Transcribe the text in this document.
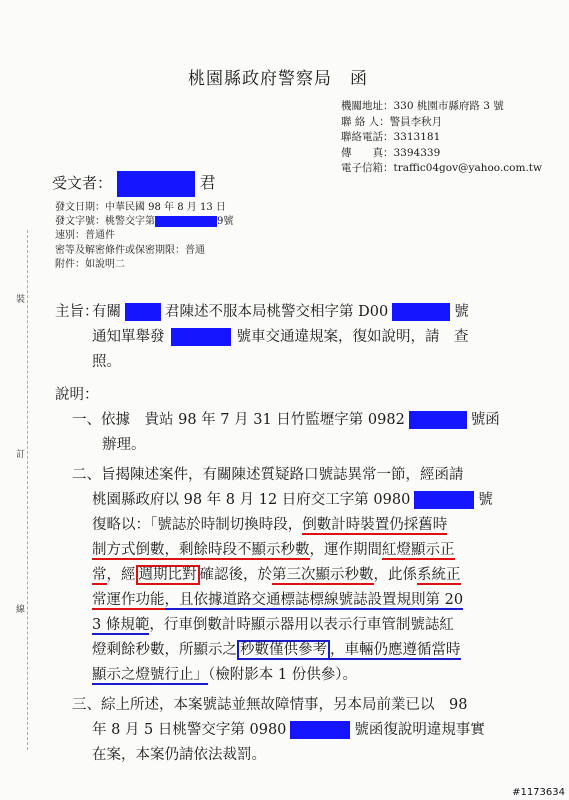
桃園縣政府警察局　函
機關地址：330 桃園市縣府路 3 號
聯 絡 人：警員李秋月
聯絡電話：3313181
傳　　真：3394339
電子信箱：traffic04gov@yahoo.com.tw
受文者：	君
發文日期：中華民國 98 年 8 月 13 日
發文字號：桃警交字第	9號
速別：普通件
密等及解密條件或保密期限：普通
附件：如說明二
裝
訂
線
主旨：
有關	君陳述不服本局桃警交相字第 D00	號
通知單舉發	號車交通違規案，復如說明，請　查
照。
說明：
一、依據　貴站 98 年 7 月 31 日竹監壢字第 0982	號函
辦理。
二、旨揭陳述案件，有關陳述質疑路口號誌異常一節，經函請
桃園縣政府以 98 年 8 月 12 日府交工字第 0980	號
復略以：「號誌於時制切換時段，倒數計時裝置仍採舊時
制方式倒數，剩餘時段不顯示秒數，運作期間紅燈顯示正
常，經 週期比對 確認後，於第三次顯示秒數，此係系統正
常運作功能，且依據道路交通標誌標線號誌設置規則第 20
3 條規範，行車倒數計時顯示器用以表示行車管制號誌紅
燈剩餘秒數，所顯示之 秒數僅供參考 ，車輛仍應遵循當時
顯示之燈號行止」（檢附影本 1 份供參）。
三、綜上所述，本案號誌並無故障情事，另本局前業已以　98
年 8 月 5 日桃警交字第 0980	號函復說明違規事實
在案，本案仍請依法裁罰。
#1173634
